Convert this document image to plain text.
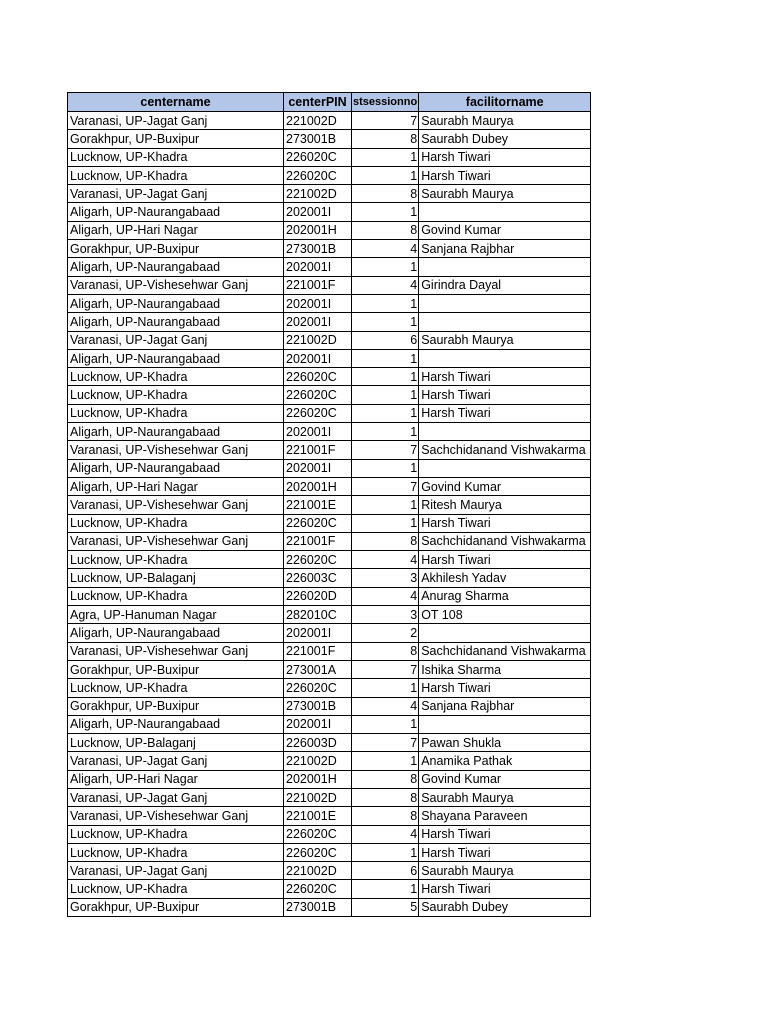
centername	centerPIN	stsessionno	facilitorname
Varanasi, UP-Jagat Ganj	221002D	7	Saurabh Maurya
Gorakhpur, UP-Buxipur	273001B	8	Saurabh Dubey
Lucknow, UP-Khadra	226020C	1	Harsh Tiwari
Lucknow, UP-Khadra	226020C	1	Harsh Tiwari
Varanasi, UP-Jagat Ganj	221002D	8	Saurabh Maurya
Aligarh, UP-Naurangabaad	202001I	1	
Aligarh, UP-Hari Nagar	202001H	8	Govind Kumar
Gorakhpur, UP-Buxipur	273001B	4	Sanjana Rajbhar
Aligarh, UP-Naurangabaad	202001I	1	
Varanasi, UP-Vishesehwar Ganj	221001F	4	Girindra Dayal
Aligarh, UP-Naurangabaad	202001I	1	
Aligarh, UP-Naurangabaad	202001I	1	
Varanasi, UP-Jagat Ganj	221002D	6	Saurabh Maurya
Aligarh, UP-Naurangabaad	202001I	1	
Lucknow, UP-Khadra	226020C	1	Harsh Tiwari
Lucknow, UP-Khadra	226020C	1	Harsh Tiwari
Lucknow, UP-Khadra	226020C	1	Harsh Tiwari
Aligarh, UP-Naurangabaad	202001I	1	
Varanasi, UP-Vishesehwar Ganj	221001F	7	Sachchidanand Vishwakarma
Aligarh, UP-Naurangabaad	202001I	1	
Aligarh, UP-Hari Nagar	202001H	7	Govind Kumar
Varanasi, UP-Vishesehwar Ganj	221001E	1	Ritesh Maurya
Lucknow, UP-Khadra	226020C	1	Harsh Tiwari
Varanasi, UP-Vishesehwar Ganj	221001F	8	Sachchidanand Vishwakarma
Lucknow, UP-Khadra	226020C	4	Harsh Tiwari
Lucknow, UP-Balaganj	226003C	3	Akhilesh Yadav
Lucknow, UP-Khadra	226020D	4	Anurag Sharma
Agra, UP-Hanuman Nagar	282010C	3	OT 108
Aligarh, UP-Naurangabaad	202001I	2	
Varanasi, UP-Vishesehwar Ganj	221001F	8	Sachchidanand Vishwakarma
Gorakhpur, UP-Buxipur	273001A	7	Ishika Sharma
Lucknow, UP-Khadra	226020C	1	Harsh Tiwari
Gorakhpur, UP-Buxipur	273001B	4	Sanjana Rajbhar
Aligarh, UP-Naurangabaad	202001I	1	
Lucknow, UP-Balaganj	226003D	7	Pawan Shukla
Varanasi, UP-Jagat Ganj	221002D	1	Anamika Pathak
Aligarh, UP-Hari Nagar	202001H	8	Govind Kumar
Varanasi, UP-Jagat Ganj	221002D	8	Saurabh Maurya
Varanasi, UP-Vishesehwar Ganj	221001E	8	Shayana Paraveen
Lucknow, UP-Khadra	226020C	4	Harsh Tiwari
Lucknow, UP-Khadra	226020C	1	Harsh Tiwari
Varanasi, UP-Jagat Ganj	221002D	6	Saurabh Maurya
Lucknow, UP-Khadra	226020C	1	Harsh Tiwari
Gorakhpur, UP-Buxipur	273001B	5	Saurabh Dubey
